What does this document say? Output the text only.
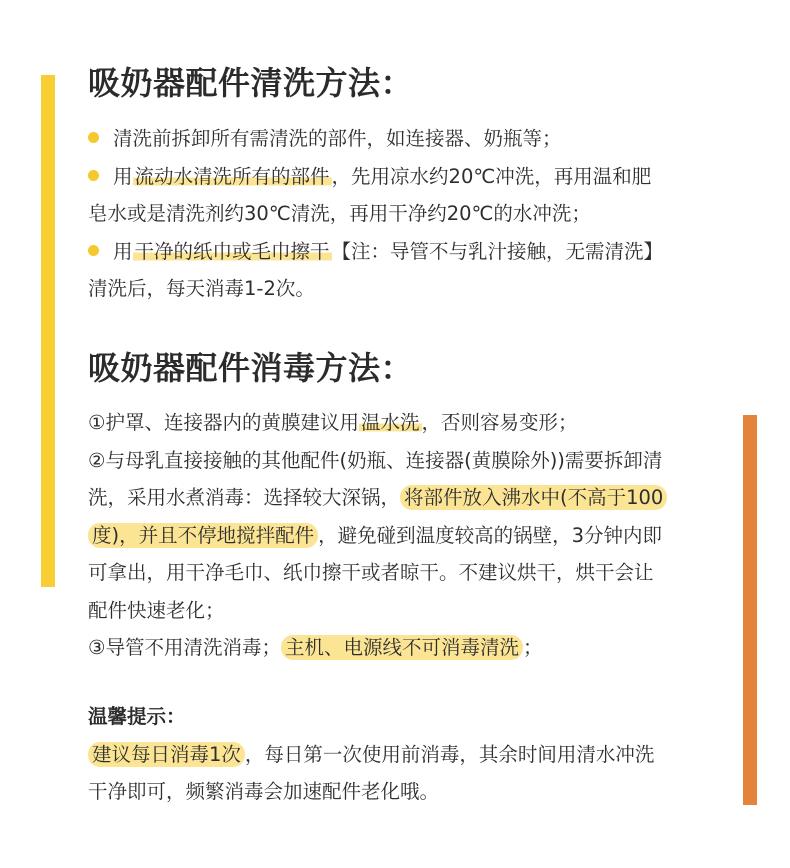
吸奶器配件清洗方法：
清洗前拆卸所有需清洗的部件，如连接器、奶瓶等；
用 流动水清洗所有的部件 ，先用凉水约20℃冲洗，再用温和肥
皂水或是清洗剂约30℃清洗，再用干净约20℃的水冲洗；
用 干净的纸巾或毛巾擦干 【注：导管不与乳汁接触，无需清洗】
清洗后，每天消毒1-2次。
吸奶器配件消毒方法：
①护罩、连接器内的黄膜建议用 温水洗 ，否则容易变形；
②与母乳直接接触的其他配件(奶瓶、连接器(黄膜除外))需要拆卸清
洗，采用水煮消毒：选择较大深锅， 将部件放入沸水中(不高于100
度)，并且不停地搅拌配件 ，避免碰到温度较高的锅壁，3分钟内即
可拿出，用干净毛巾、纸巾擦干或者晾干。不建议烘干，烘干会让
配件快速老化；
③导管不用清洗消毒； 主机、电源线不可消毒清洗 ；
温馨提示：
建议每日消毒1次 ，每日第一次使用前消毒，其余时间用清水冲洗
干净即可，频繁消毒会加速配件老化哦。
